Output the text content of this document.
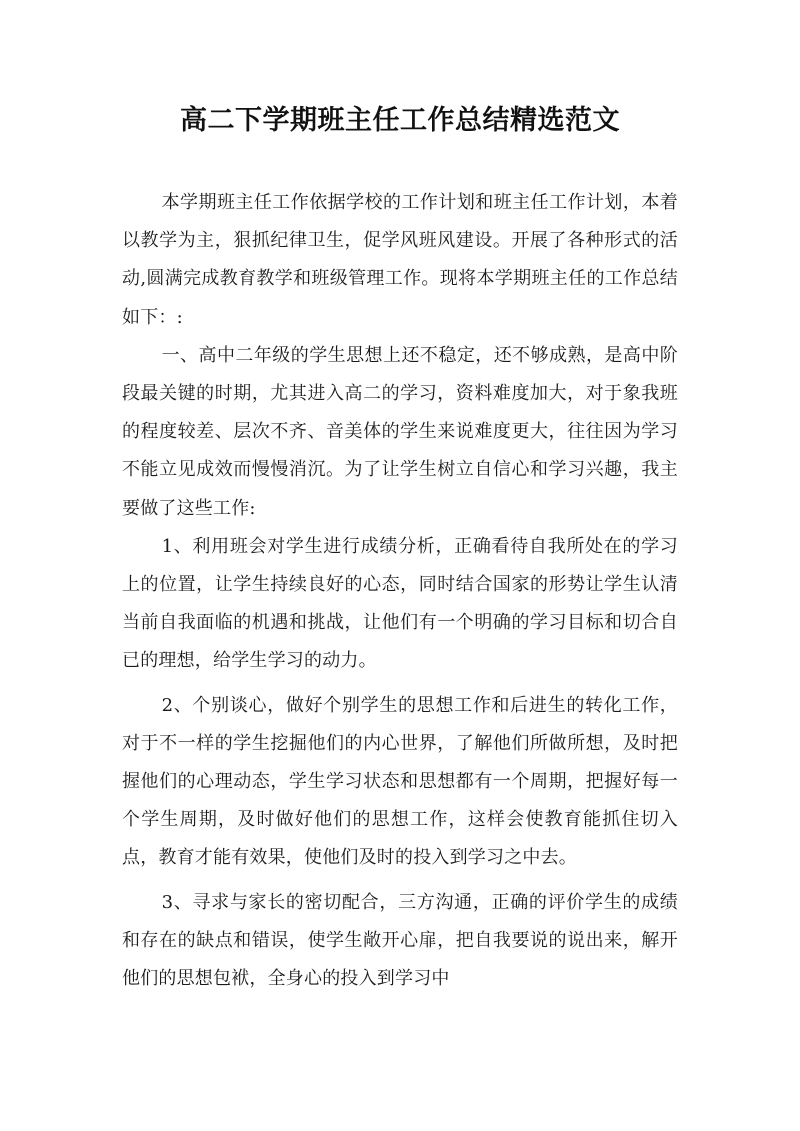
高二下学期班主任工作总结精选范文

本学期班主任工作依据学校的工作计划和班主任工作计划，本着以教学为主，狠抓纪律卫生，促学风班风建设。开展了各种形式的活动,圆满完成教育教学和班级管理工作。现将本学期班主任的工作总结如下：:

一、高中二年级的学生思想上还不稳定，还不够成熟，是高中阶段最关键的时期，尤其进入高二的学习，资料难度加大，对于象我班的程度较差、层次不齐、音美体的学生来说难度更大，往往因为学习不能立见成效而慢慢消沉。为了让学生树立自信心和学习兴趣，我主要做了这些工作:

1、利用班会对学生进行成绩分析，正确看待自我所处在的学习上的位置，让学生持续良好的心态，同时结合国家的形势让学生认清当前自我面临的机遇和挑战，让他们有一个明确的学习目标和切合自已的理想，给学生学习的动力。

2、个别谈心，做好个别学生的思想工作和后进生的转化工作，对于不一样的学生挖掘他们的内心世界，了解他们所做所想，及时把握他们的心理动态，学生学习状态和思想都有一个周期，把握好每一个学生周期，及时做好他们的思想工作，这样会使教育能抓住切入点，教育才能有效果，使他们及时的投入到学习之中去。

3、寻求与家长的密切配合，三方沟通，正确的评价学生的成绩和存在的缺点和错误，使学生敞开心扉，把自我要说的说出来，解开他们的思想包袱，全身心的投入到学习中
